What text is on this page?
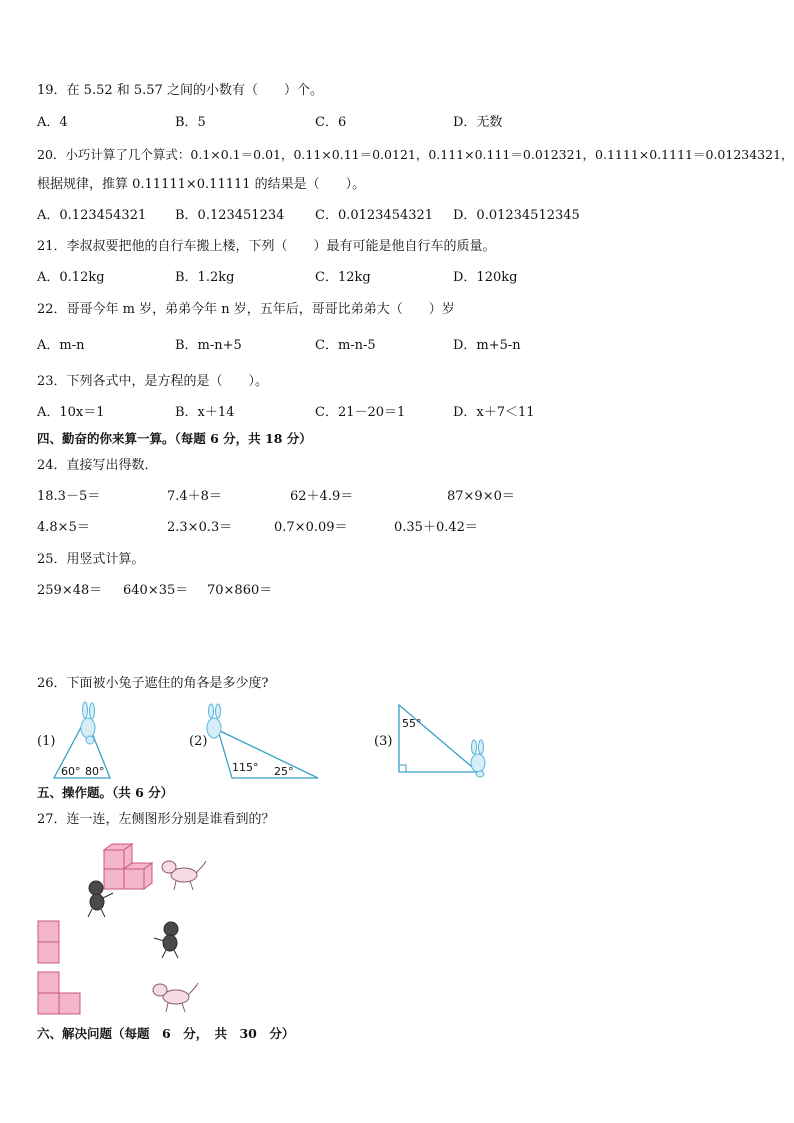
19．在 5.52 和 5.57 之间的小数有（　　）个。
A．4	B．5	C．6	D．无数
20．小巧计算了几个算式：0.1×0.1＝0.01，0.11×0.11＝0.0121，0.111×0.111＝0.012321，0.1111×0.1111＝0.01234321，
根据规律，推算 0.11111×0.11111 的结果是（　　）。
A．0.123454321 B．0.123451234 C．0.0123454321 D．0.01234512345
21．李叔叔要把他的自行车搬上楼，下列（　　）最有可能是他自行车的质量。
A．0.12kg	B．1.2kg	C．12kg	D．120kg
22．哥哥今年 m 岁，弟弟今年 n 岁，五年后，哥哥比弟弟大（　　）岁
A．m-n	B．m-n+5	C．m-n-5	D．m+5-n
23．下列各式中，是方程的是（　　）。
A．10x＝1	B．x＋14	C．21－20＝1	D．x＋7＜11
四、勤奋的你来算一算。（每题 6 分，共 18 分）
24．直接写出得数．
18.3－5＝	7.4＋8＝	62＋4.9＝	87×9×0＝
4.8×5＝	2.3×0.3＝	0.7×0.09＝	0.35＋0.42＝
25．用竖式计算。
259×48＝ 640×35＝ 70×860＝
26．下面被小兔子遮住的角各是多少度?
(1)
60° 80°
(2)
115° 25°
(3)
55°
五、操作题。（共 6 分）
27．连一连，左侧图形分别是谁看到的？
六、解决问题（每题　6　分，　共　30　分）
